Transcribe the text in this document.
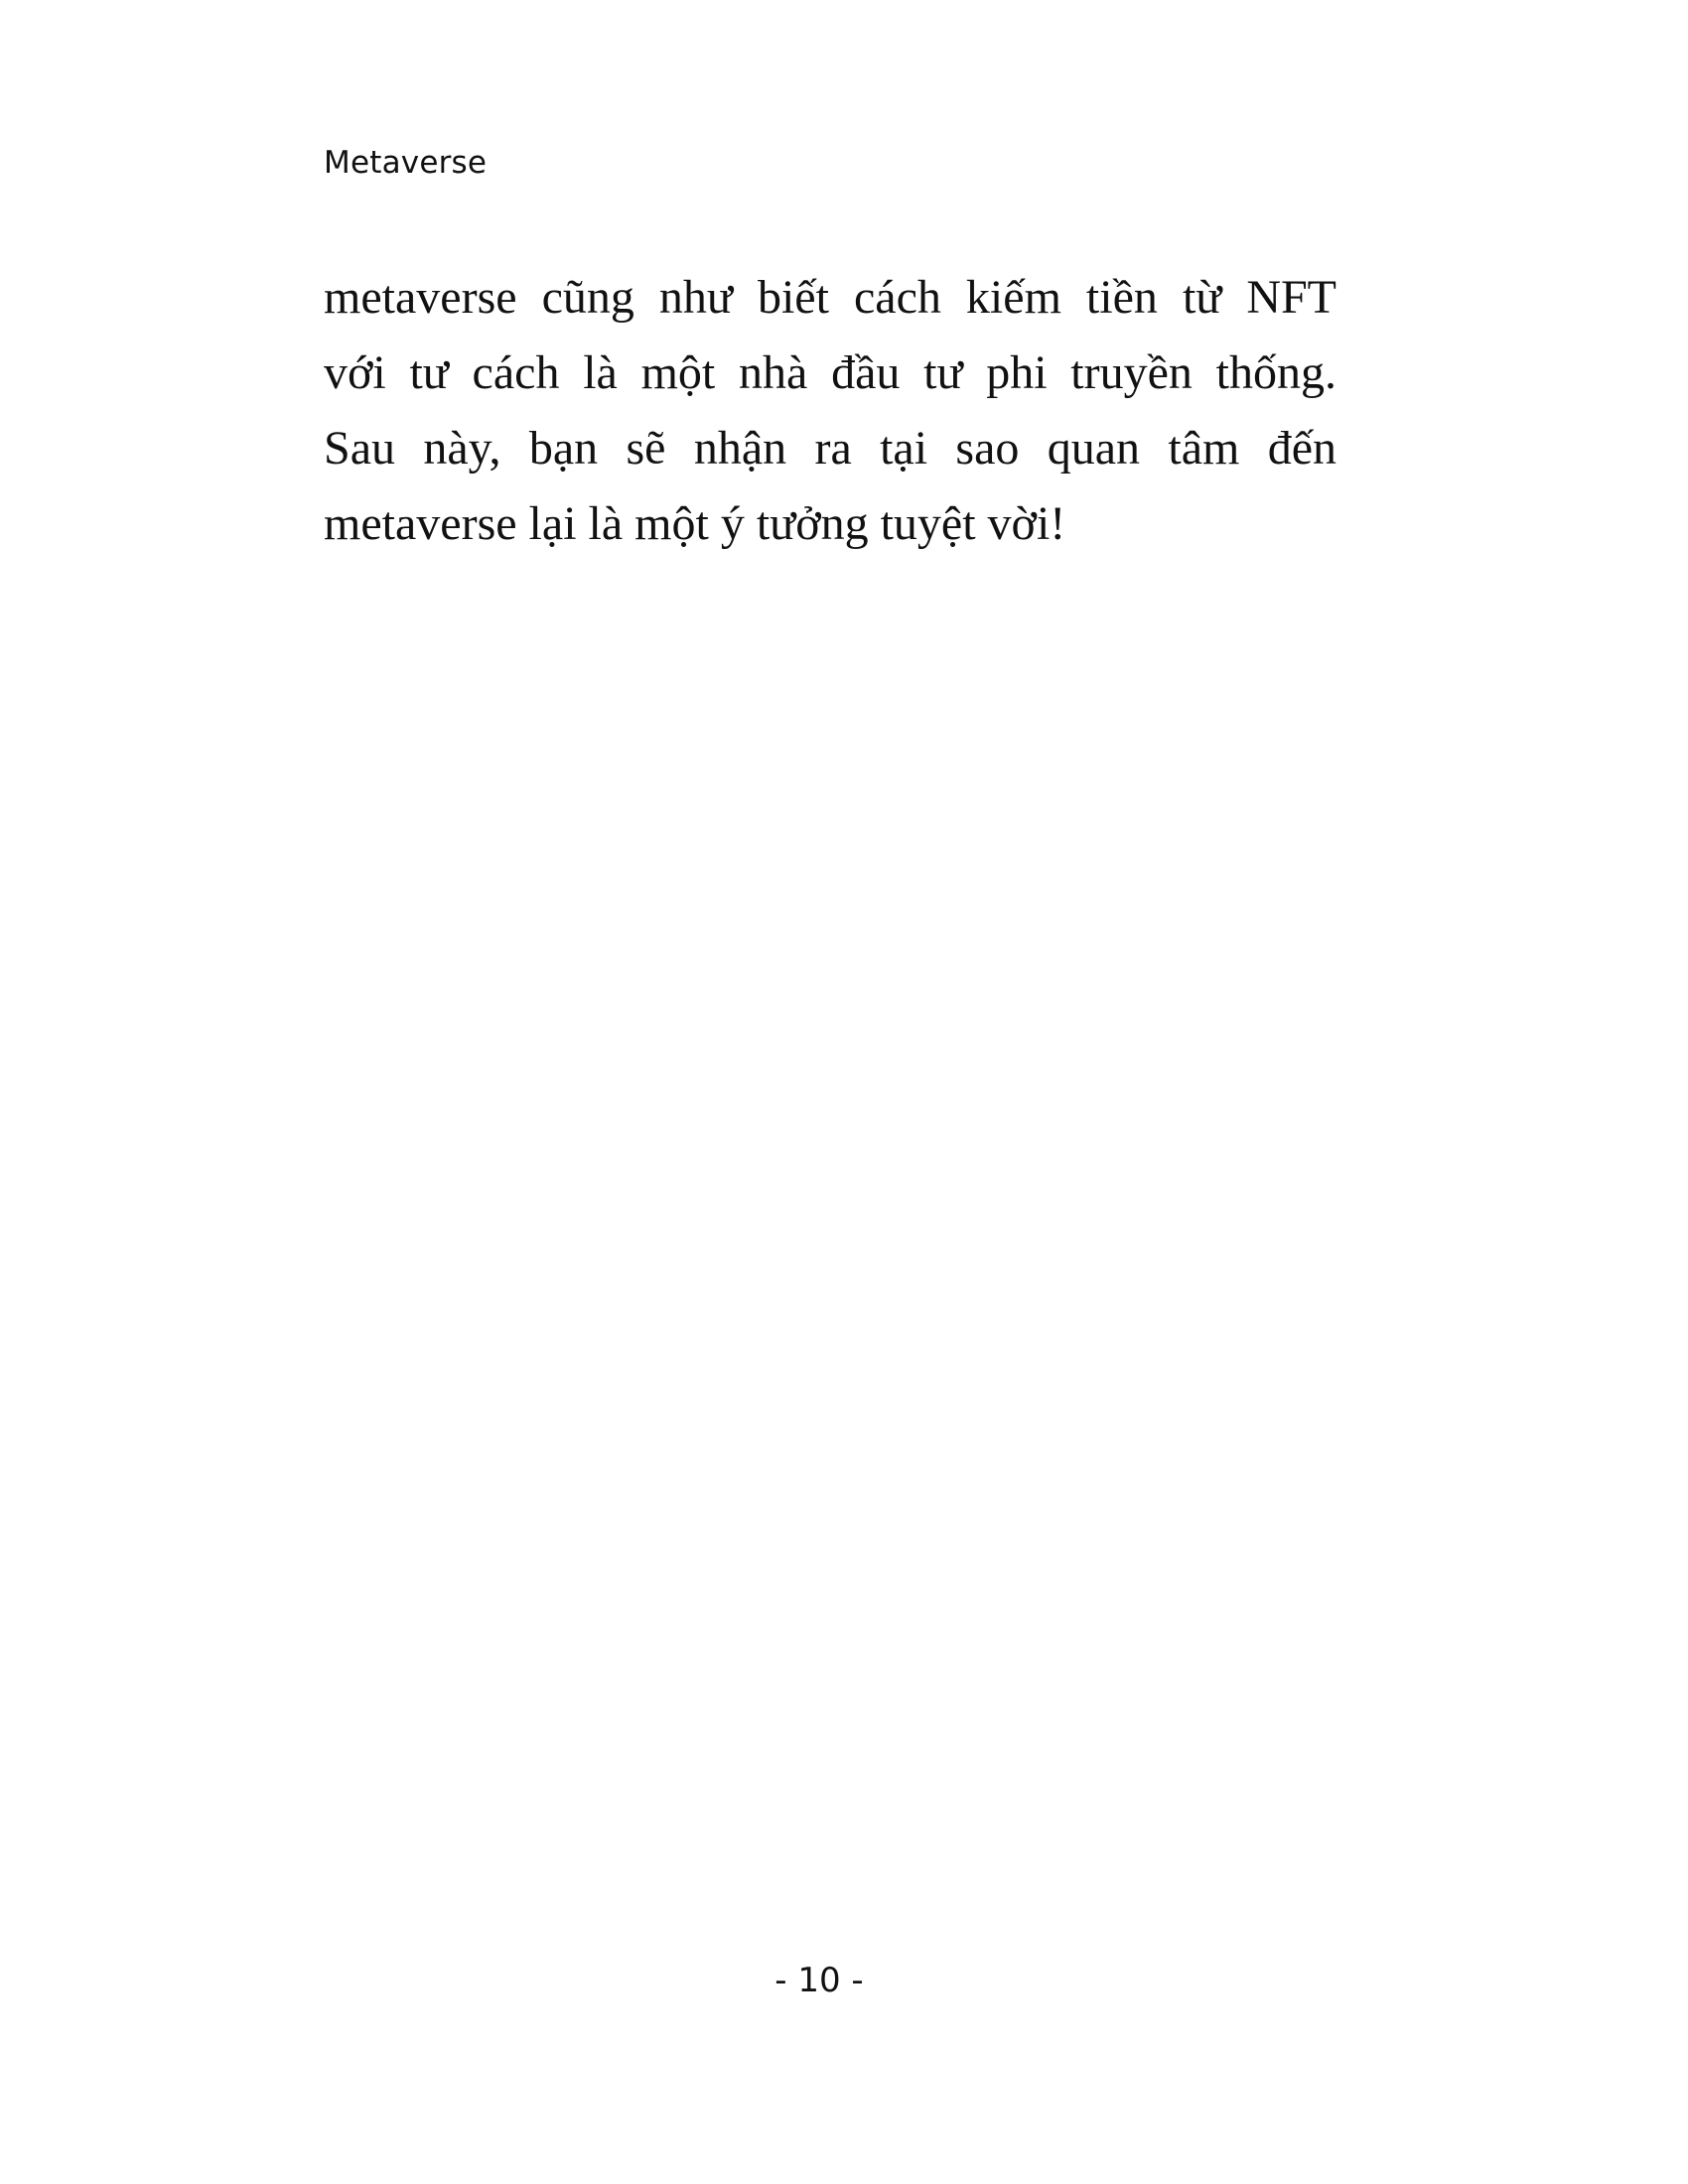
Metaverse
metaverse cũng như biết cách kiếm tiền từ NFT
với tư cách là một nhà đầu tư phi truyền thống.
Sau này, bạn sẽ nhận ra tại sao quan tâm đến
metaverse lại là một ý tưởng tuyệt vời!
- 10 -
